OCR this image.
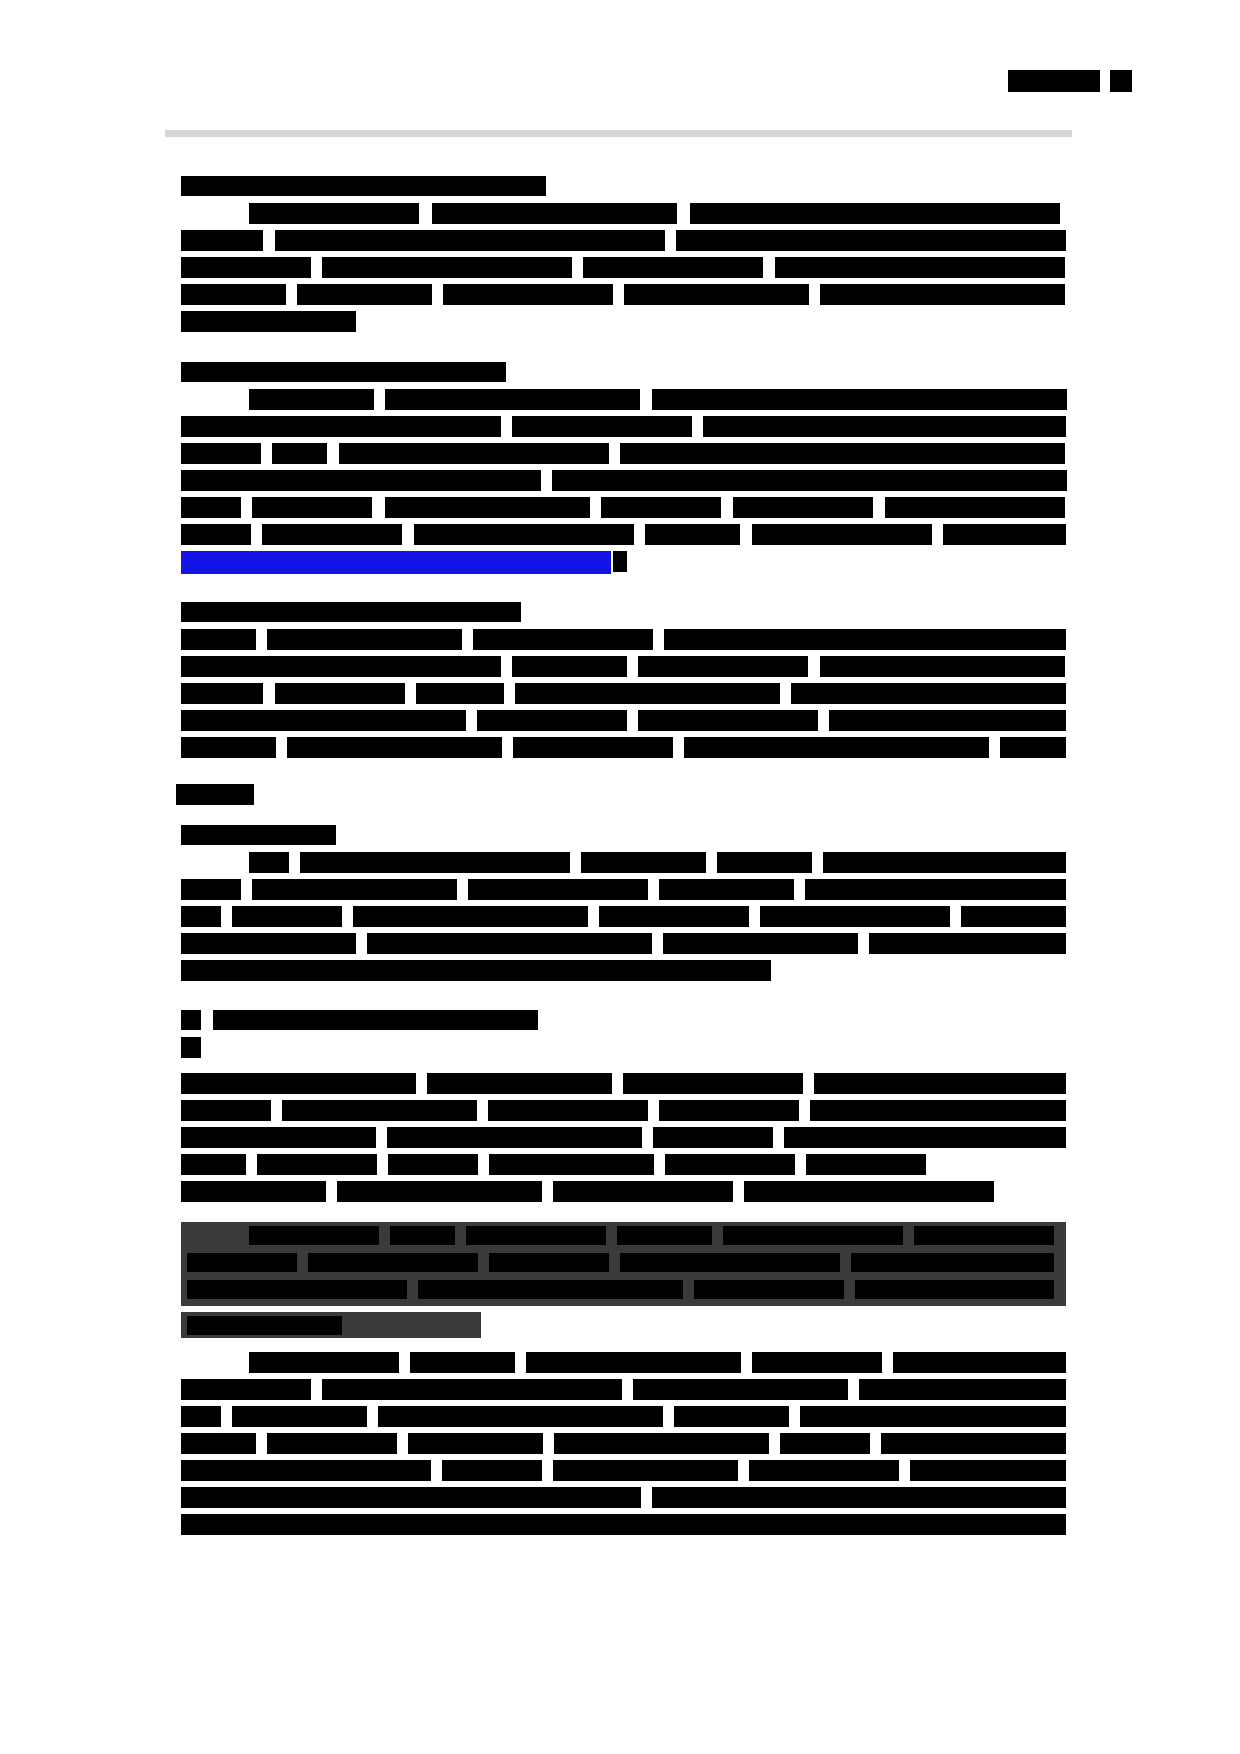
https://bit.ly/UtsavJotsabManagement2Pages
